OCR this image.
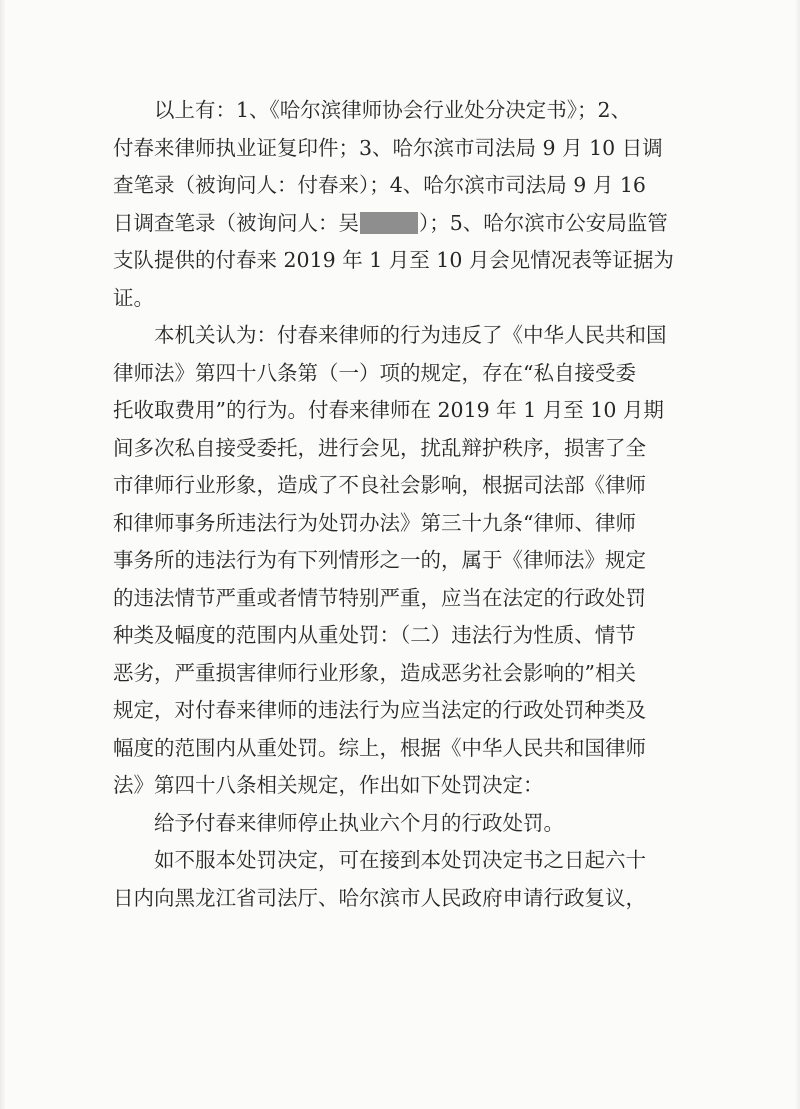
以上有：1、《哈尔滨律师协会行业处分决定书》；2、
付春来律师执业证复印件；3、哈尔滨市司法局 9 月 10 日调
查笔录（被询问人：付春来）；4、哈尔滨市司法局 9 月 16
日调查笔录（被询问人：吴	）；5、哈尔滨市公安局监管
支队提供的付春来 2019 年 1 月至 10 月会见情况表等证据为
证。
本机关认为：付春来律师的行为违反了《中华人民共和国
律师法》第四十八条第（一）项的规定，存在“私自接受委
托收取费用”的行为。付春来律师在 2019 年 1 月至 10 月期
间多次私自接受委托，进行会见，扰乱辩护秩序，损害了全
市律师行业形象，造成了不良社会影响，根据司法部《律师
和律师事务所违法行为处罚办法》第三十九条“律师、律师
事务所的违法行为有下列情形之一的，属于《律师法》规定
的违法情节严重或者情节特别严重，应当在法定的行政处罚
种类及幅度的范围内从重处罚：（二）违法行为性质、情节
恶劣，严重损害律师行业形象，造成恶劣社会影响的”相关
规定，对付春来律师的违法行为应当法定的行政处罚种类及
幅度的范围内从重处罚。综上，根据《中华人民共和国律师
法》第四十八条相关规定，作出如下处罚决定：
给予付春来律师停止执业六个月的行政处罚。
如不服本处罚决定，可在接到本处罚决定书之日起六十
日内向黑龙江省司法厅、哈尔滨市人民政府申请行政复议，
